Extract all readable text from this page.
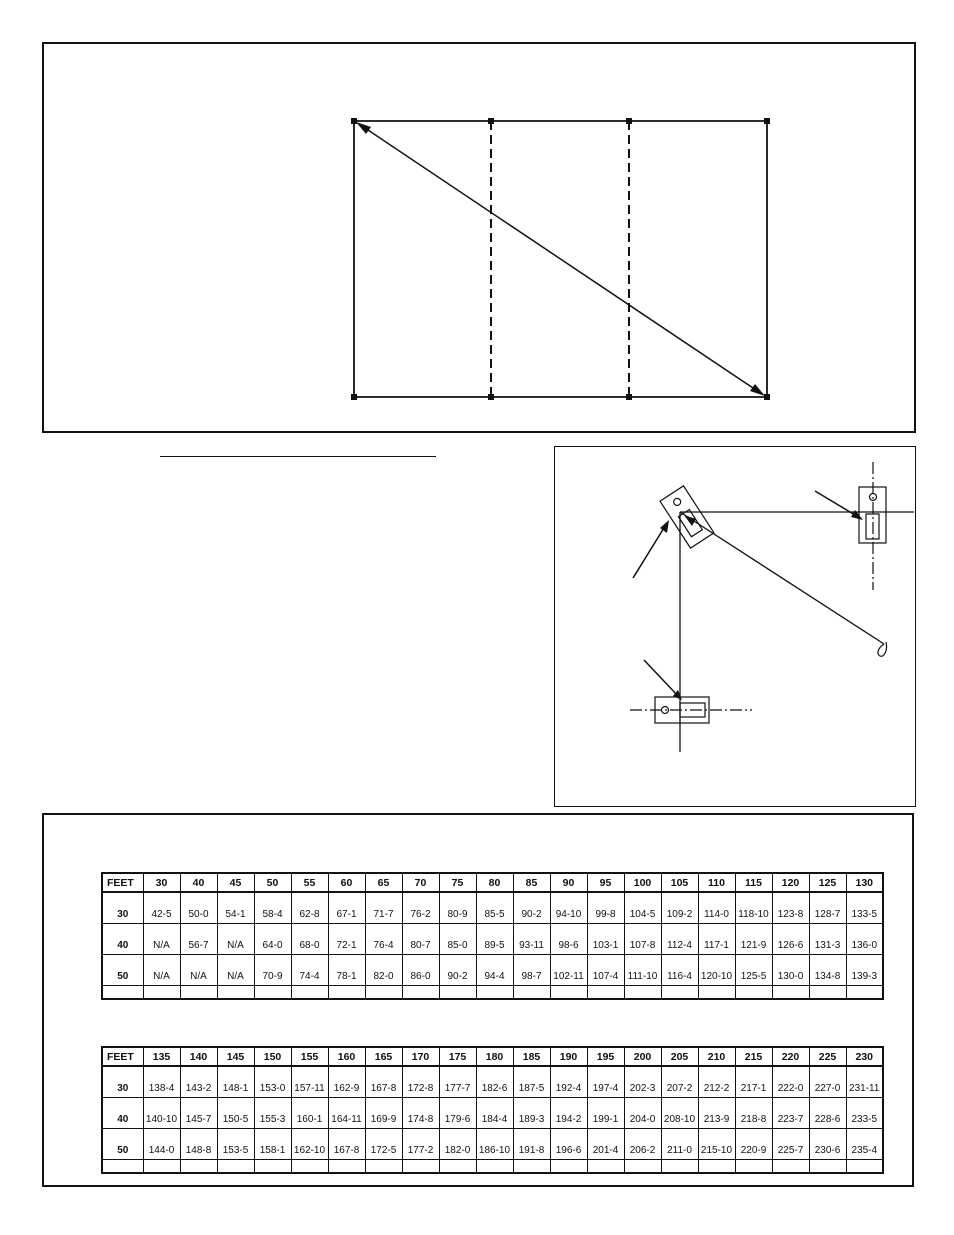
FEET	30	40	45	50	55	60	65	70	75	80	85	90	95	100	105	110	115	120	125	130
30	42-5	50-0	54-1	58-4	62-8	67-1	71-7	76-2	80-9	85-5	90-2	94-10	99-8	104-5	109-2	114-0	118-10	123-8	128-7	133-5
40	N/A	56-7	N/A	64-0	68-0	72-1	76-4	80-7	85-0	89-5	93-11	98-6	103-1	107-8	112-4	117-1	121-9	126-6	131-3	136-0
50	N/A	N/A	N/A	70-9	74-4	78-1	82-0	86-0	90-2	94-4	98-7	102-11	107-4	111-10	116-4	120-10	125-5	130-0	134-8	139-3

FEET	135	140	145	150	155	160	165	170	175	180	185	190	195	200	205	210	215	220	225	230
30	138-4	143-2	148-1	153-0	157-11	162-9	167-8	172-8	177-7	182-6	187-5	192-4	197-4	202-3	207-2	212-2	217-1	222-0	227-0	231-11
40	140-10	145-7	150-5	155-3	160-1	164-11	169-9	174-8	179-6	184-4	189-3	194-2	199-1	204-0	208-10	213-9	218-8	223-7	228-6	233-5
50	144-0	148-8	153-5	158-1	162-10	167-8	172-5	177-2	182-0	186-10	191-8	196-6	201-4	206-2	211-0	215-10	220-9	225-7	230-6	235-4
